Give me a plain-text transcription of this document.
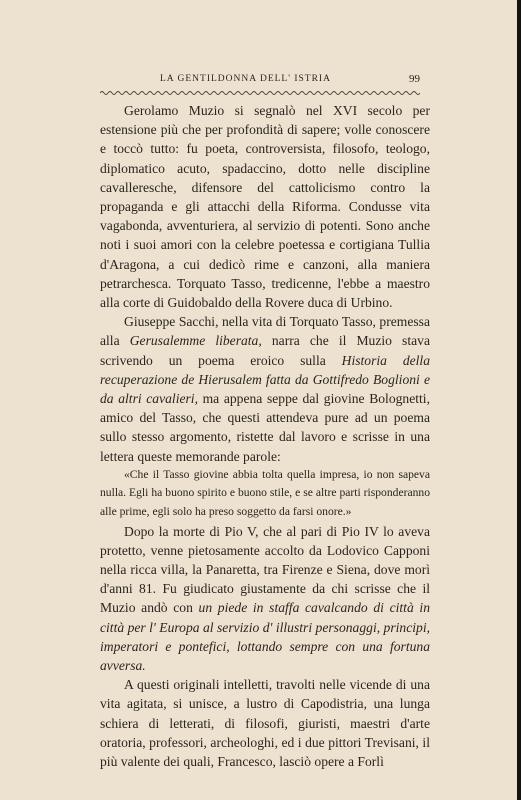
LA GENTILDONNA DELL' ISTRIA	99

Gerolamo Muzio si segnalò nel XVI secolo per estensione più che per profondità di sapere; volle conoscere e toccò tutto: fu poeta, controversista, filosofo, teologo, diplomatico acuto, spadaccino, dotto nelle discipline cavalleresche, difensore del cattolicismo contro la propaganda e gli attacchi della Riforma. Condusse vita vagabonda, avventuriera, al servizio di potenti. Sono anche noti i suoi amori con la celebre poetessa e cortigiana Tullia d'Aragona, a cui dedicò rime e canzoni, alla maniera petrarchesca. Torquato Tasso, tredicenne, l'ebbe a maestro alla corte di Guidobaldo della Rovere duca di Urbino.

Giuseppe Sacchi, nella vita di Torquato Tasso, premessa alla Gerusalemme liberata, narra che il Muzio stava scrivendo un poema eroico sulla Historia della recuperazione de Hierusalem fatta da Gottifredo Boglioni e da altri cavalieri, ma appena seppe dal giovine Bolognetti, amico del Tasso, che questi attendeva pure ad un poema sullo stesso argomento, ristette dal lavoro e scrisse in una lettera queste memorande parole:

«Che il Tasso giovine abbia tolta quella impresa, io non sapeva nulla. Egli ha buono spirito e buono stile, e se altre parti risponderanno alle prime, egli solo ha preso soggetto da farsi onore.»

Dopo la morte di Pio V, che al pari di Pio IV lo aveva protetto, venne pietosamente accolto da Lodovico Capponi nella ricca villa, la Panaretta, tra Firenze e Siena, dove morì d'anni 81. Fu giudicato giustamente da chi scrisse che il Muzio andò con un piede in staffa cavalcando di città in città per l' Europa al servizio d' illustri personaggi, principi, imperatori e pontefici, lottando sempre con una fortuna avversa.

A questi originali intelletti, travolti nelle vicende di una vita agitata, si unisce, a lustro di Capodistria, una lunga schiera di letterati, di filosofi, giuristi, maestri d'arte oratoria, professori, archeologhi, ed i due pittori Trevisani, il più valente dei quali, Francesco, lasciò opere a Forlì
